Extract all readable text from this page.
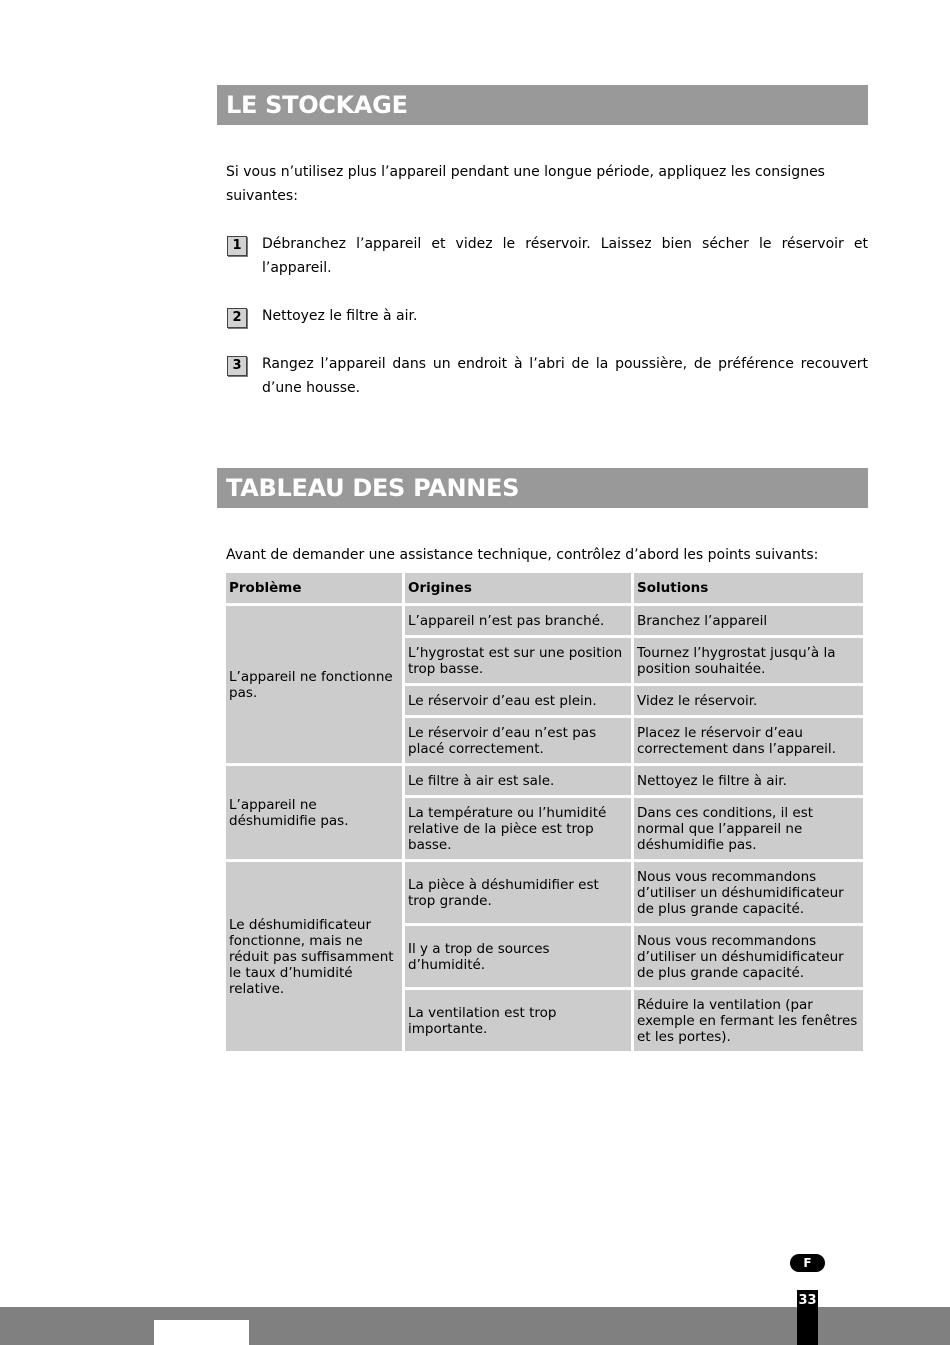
LE STOCKAGE

Si vous n’utilisez plus l’appareil pendant une longue période, appliquez les consignes suivantes:

1	Débranchez l’appareil et videz le réservoir. Laissez bien sécher le réservoir et l’appareil.

2	Nettoyez le filtre à air.

3	Rangez l’appareil dans un endroit à l’abri de la poussière, de préférence recouvert d’une housse.

TABLEAU DES PANNES

Avant de demander une assistance technique, contrôlez d’abord les points suivants:

Problème	Origines	Solutions
L’appareil ne fonctionne pas.	L’appareil n’est pas branché.	Branchez l’appareil
	L’hygrostat est sur une position trop basse.	Tournez l’hygrostat jusqu’à la position souhaitée.
	Le réservoir d’eau est plein.	Videz le réservoir.
	Le réservoir d’eau n’est pas placé correctement.	Placez le réservoir d’eau correctement dans l’appareil.
L’appareil ne déshumidifie pas.	Le filtre à air est sale.	Nettoyez le filtre à air.
	La température ou l’humidité relative de la pièce est trop basse.	Dans ces conditions, il est normal que l’appareil ne déshumidifie pas.
Le déshumidificateur fonctionne, mais ne réduit pas suffisamment le taux d’humidité relative.	La pièce à déshumidifier est trop grande.	Nous vous recommandons d’utiliser un déshumidificateur de plus grande capacité.
	Il y a trop de sources d’humidité.	Nous vous recommandons d’utiliser un déshumidificateur de plus grande capacité.
	La ventilation est trop importante.	Réduire la ventilation (par exemple en fermant les fenêtres et les portes).
F
33
